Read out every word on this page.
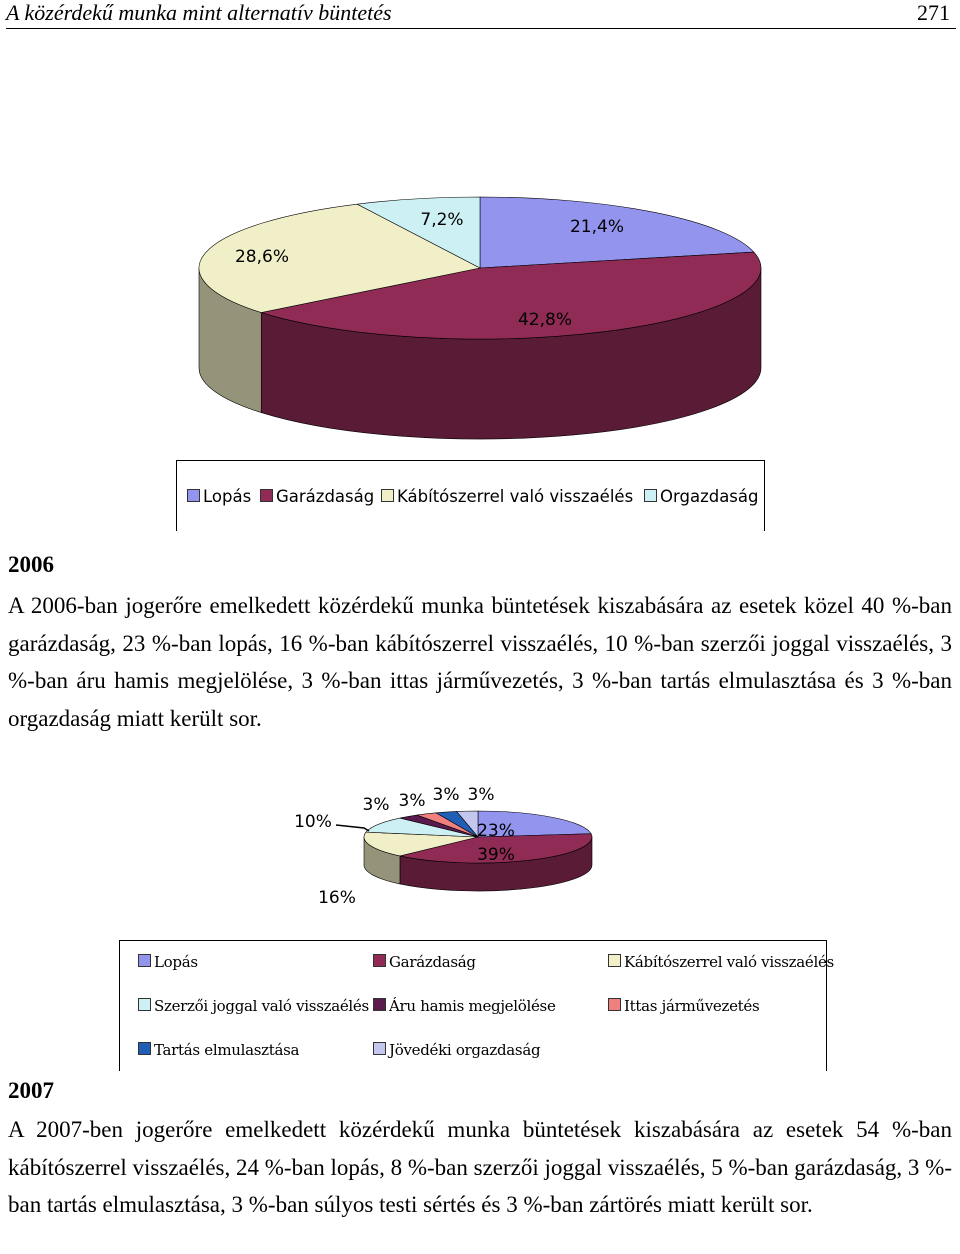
A közérdekű munka mint alternatív büntetés	271
21,4%
42,8%
28,6%
7,2%
Lopás	Garázdaság	Kábítószerrel való visszaélés	Orgazdaság
2006

A 2006-ban jogerőre emelkedett közérdekű munka büntetések kiszabására az esetek közel 40 %-ban garázdaság, 23 %-ban lopás, 16 %-ban kábítószerrel visszaélés, 10 %-ban szerzői joggal visszaélés, 3 %-ban áru hamis megjelölése, 3 %-ban ittas járművezetés, 3 %-ban tartás elmulasztása és 3 %-ban orgazdaság miatt került sor.

23%
39%
16%
10%
3% 3% 3% 3%
Lopás	Garázdaság	Kábítószerrel való visszaélés
Szerzői joggal való visszaélés	Áru hamis megjelölése	Ittas járművezetés
Tartás elmulasztása	Jövedéki orgazdaság
2007

A 2007-ben jogerőre emelkedett közérdekű munka büntetések kiszabására az esetek 54 %-ban kábítószerrel visszaélés, 24 %-ban lopás, 8 %-ban szerzői joggal visszaélés, 5 %-ban garázdaság, 3 %-ban tartás elmulasztása, 3 %-ban súlyos testi sértés és 3 %-ban zártörés miatt került sor.
